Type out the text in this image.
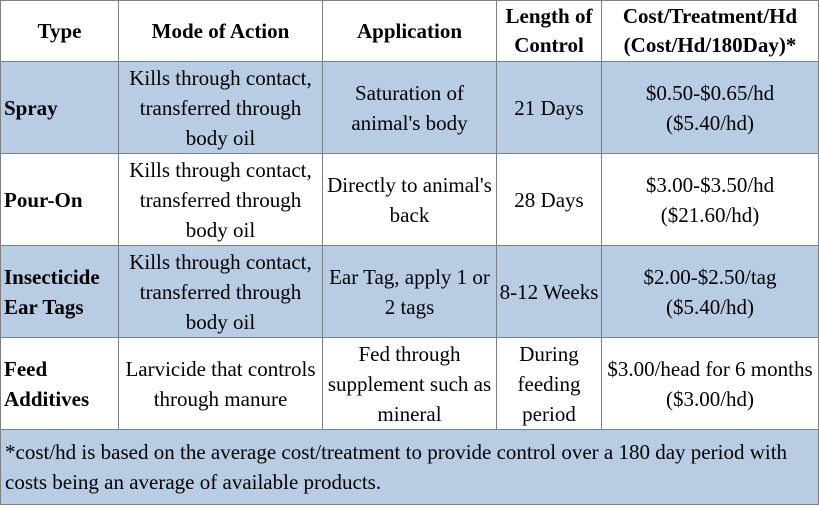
Type	Mode of Action	Application	Length of Control	Cost/Treatment/Hd (Cost/Hd/180Day)*
Spray	Kills through contact, transferred through body oil	Saturation of animal's body	21 Days	$0.50-$0.65/hd ($5.40/hd)
Pour-On	Kills through contact, transferred through body oil	Directly to animal's back	28 Days	$3.00-$3.50/hd ($21.60/hd)
Insecticide Ear Tags	Kills through contact, transferred through body oil	Ear Tag, apply 1 or 2 tags	8-12 Weeks	$2.00-$2.50/tag ($5.40/hd)
Feed Additives	Larvicide that controls through manure	Fed through supplement such as mineral	During feeding period	$3.00/head for 6 months ($3.00/hd)
*cost/hd is based on the average cost/treatment to provide control over a 180 day period with costs being an average of available products.				
